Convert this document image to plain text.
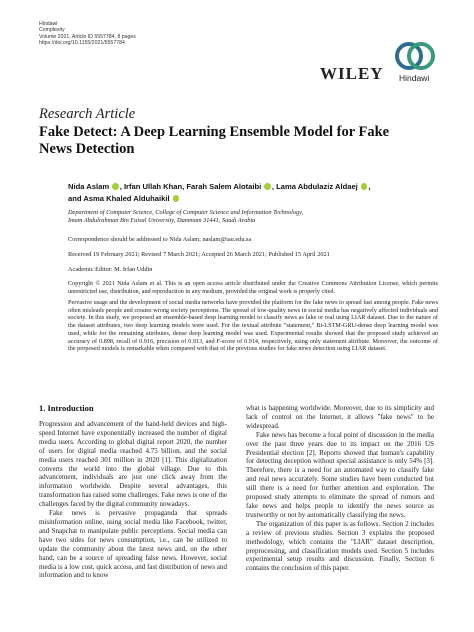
Hindawi
Complexity
Volume 2021, Article ID 5557784, 8 pages
https://doi.org/10.1155/2021/5557784
WILEY Hindawi
Research Article
Fake Detect: A Deep Learning Ensemble Model for Fake News Detection
Nida Aslam , Irfan Ullah Khan, Farah Salem Alotaibi , Lama Abdulaziz Aldaej ,
and Asma Khaled Alduhaikil
Department of Computer Science, College of Computer Science and Information Technology,
Imam Abdulrahman Bin Faisal University, Dammam 31441, Saudi Arabia
Correspondence should be addressed to Nida Aslam; naslam@iau.edu.sa
Received 19 February 2021; Revised 7 March 2021; Accepted 26 March 2021; Published 15 April 2021
Academic Editor: M. Irfan Uddin
Copyright © 2021 Nida Aslam et al. This is an open access article distributed under the Creative Commons Attribution License, which permits unrestricted use, distribution, and reproduction in any medium, provided the original work is properly cited.
Pervasive usage and the development of social media networks have provided the platform for the fake news to spread fast among people. Fake news often misleads people and creates wrong society perceptions. The spread of low-quality news in social media has negatively affected individuals and society. In this study, we proposed an ensemble-based deep learning model to classify news as fake or real using LIAR dataset. Due to the nature of the dataset attributes, two deep learning models were used. For the textual attribute "statement," Bi-LSTM-GRU-dense deep learning model was used, while for the remaining attributes, dense deep learning model was used. Experimental results showed that the proposed study achieved an accuracy of 0.898, recall of 0.916, precision of 0.913, and F-score of 0.914, respectively, using only statement attribute. Moreover, the outcome of the proposed models is remarkable when compared with that of the previous studies for fake news detection using LIAR dataset.
1. Introduction

Progression and advancement of the hand-held devices and high-speed Internet have exponentially increased the number of digital media users. According to global digital report 2020, the number of users for digital media reached 4.75 billion, and the social media users reached 301 million in 2020 [1]. This digitalization converts the world into the global village. Due to this advancement, individuals are just one click away from the information worldwide. Despite several advantages, this transformation has raised some challenges. Fake news is one of the challenges faced by the digital community nowadays.

Fake news is pervasive propaganda that spreads misinformation online, using social media like Facebook, twitter, and Snapchat to manipulate public perceptions. Social media can have two sides for news consumption, i.e., can be utilized to update the community about the latest news and, on the other hand, can be a source of spreading false news. However, social media is a low cost, quick access, and fast distribution of news and information and to know

what is happening worldwide. Moreover, due to its simplicity and lack of control on the Internet, it allows "fake news" to be widespread.

Fake news has become a focal point of discussion in the media over the past three years due to its impact on the 2016 US Presidential election [2]. Reports showed that human's capability for detecting deception without special assistance is only 54% [3]. Therefore, there is a need for an automated way to classify fake and real news accurately. Some studies have been conducted but still there is a need for further attention and exploration. The proposed study attempts to eliminate the spread of rumors and fake news and helps people to identify the news source as trustworthy or not by automatically classifying the news.

The organization of this paper is as follows. Section 2 includes a review of previous studies. Section 3 explains the proposed methodology, which contains the "LIAR" dataset description, preprocessing, and classification models used. Section 5 includes experimental setup results and discussion. Finally, Section 6 contains the conclusion of this paper.
